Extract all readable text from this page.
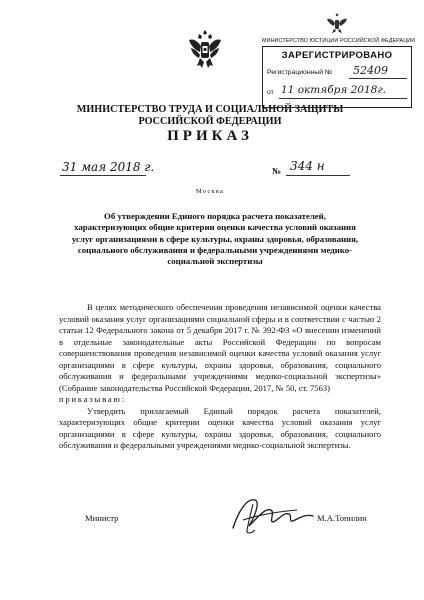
МИНИСТЕРСТВО ЮСТИЦИИ РОССИЙСКОЙ ФЕДЕРАЦИИ
ЗАРЕГИСТРИРОВАНО
Регистрационный № 52409
от 11 октября 2018г.
МИНИСТЕРСТВО ТРУДА И СОЦИАЛЬНОЙ ЗАЩИТЫ
РОССИЙСКОЙ ФЕДЕРАЦИИ
ПРИКАЗ
31 мая 2018 г.	№ 344 н
Москва
Об утверждении Единого порядка расчета показателей,
характеризующих общие критерии оценки качества условий оказания
услуг организациями в сфере культуры, охраны здоровья, образования,
социального обслуживания и федеральными учреждениями медико-
социальной экспертизы

В целях методического обеспечения проведения независимой оценки качества условий оказания услуг организациями социальной сферы и в соответствии с частью 2 статьи 12 Федерального закона от 5 декабря 2017 г. № 392-ФЗ «О внесении изменений в отдельные законодательные акты Российской Федерации по вопросам совершенствования проведения независимой оценки качества условий оказания услуг организациями в сфере культуры, охраны здоровья, образования, социального обслуживания и федеральными учреждениями медико-социальной экспертизы» (Собрание законодательства Российской Федерации, 2017, № 50, ст. 7563)

приказываю:

Утвердить прилагаемый Единый порядок расчета показателей, характеризующих общие критерии оценки качества условий оказания услуг организациями в сфере культуры, охраны здоровья, образования, социального обслуживания и федеральными учреждениями медико-социальной экспертизы.

Министр	М.А.Топилин
